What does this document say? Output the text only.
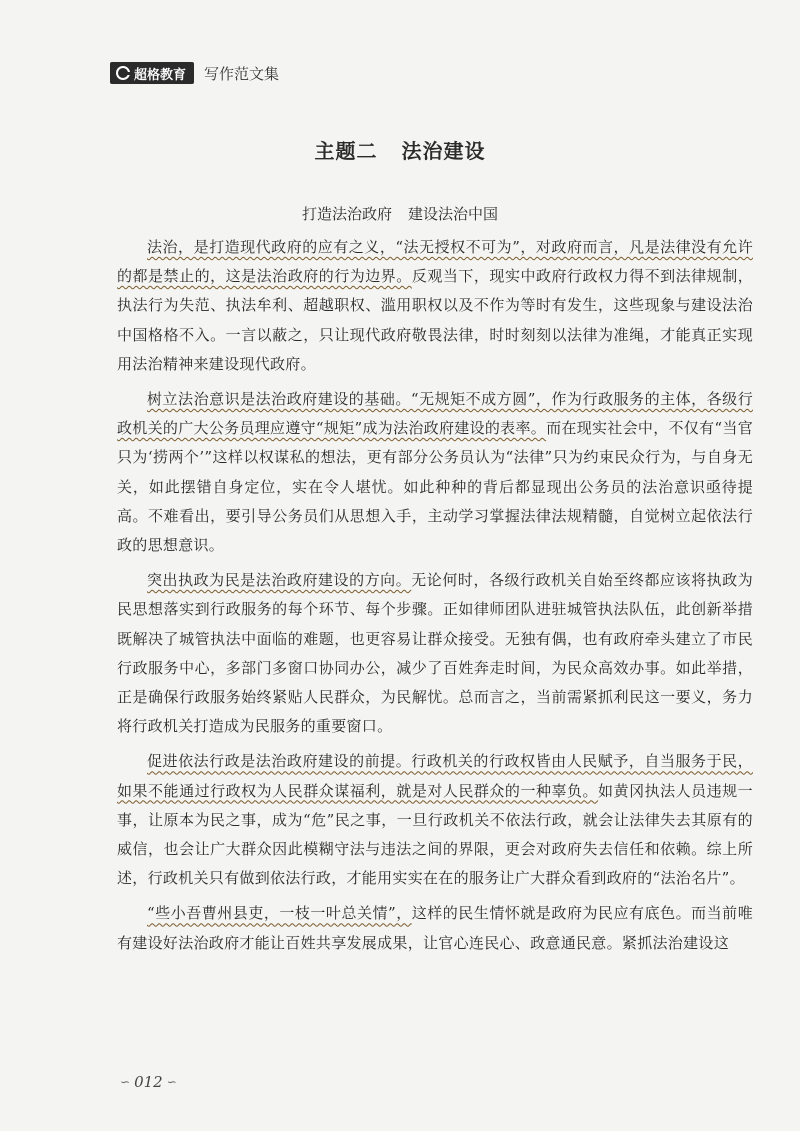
超格教育 写作范文集
主题二 法治建设
打造法治政府 建设法治中国

法治，是打造现代政府的应有之义，“法无授权不可为”，对政府而言，凡是法律没有允许的都是禁止的，这是法治政府的行为边界。反观当下，现实中政府行政权力得不到法律规制，执法行为失范、执法牟利、超越职权、滥用职权以及不作为等时有发生，这些现象与建设法治中国格格不入。一言以蔽之，只让现代政府敬畏法律，时时刻刻以法律为准绳，才能真正实现用法治精神来建设现代政府。

树立法治意识是法治政府建设的基础。“无规矩不成方圆”，作为行政服务的主体，各级行政机关的广大公务员理应遵守“规矩”成为法治政府建设的表率。而在现实社会中，不仅有“当官只为‘捞两个’”这样以权谋私的想法，更有部分公务员认为“法律”只为约束民众行为，与自身无关，如此摆错自身定位，实在令人堪忧。如此种种的背后都显现出公务员的法治意识亟待提高。不难看出，要引导公务员们从思想入手，主动学习掌握法律法规精髓，自觉树立起依法行政的思想意识。

突出执政为民是法治政府建设的方向。无论何时，各级行政机关自始至终都应该将执政为民思想落实到行政服务的每个环节、每个步骤。正如律师团队进驻城管执法队伍，此创新举措既解决了城管执法中面临的难题，也更容易让群众接受。无独有偶，也有政府牵头建立了市民行政服务中心，多部门多窗口协同办公，减少了百姓奔走时间，为民众高效办事。如此举措，正是确保行政服务始终紧贴人民群众，为民解忧。总而言之，当前需紧抓利民这一要义，务力将行政机关打造成为民服务的重要窗口。

促进依法行政是法治政府建设的前提。行政机关的行政权皆由人民赋予，自当服务于民，如果不能通过行政权为人民群众谋福利，就是对人民群众的一种辜负。如黄冈执法人员违规一事，让原本为民之事，成为“危”民之事，一旦行政机关不依法行政，就会让法律失去其原有的威信，也会让广大群众因此模糊守法与违法之间的界限，更会对政府失去信任和依赖。综上所述，行政机关只有做到依法行政，才能用实实在在的服务让广大群众看到政府的“法治名片”。

“些小吾曹州县吏，一枝一叶总关情”，这样的民生情怀就是政府为民应有底色。而当前唯有建设好法治政府才能让百姓共享发展成果，让官心连民心、政意通民意。紧抓法治建设这

∽ 012 ∽
